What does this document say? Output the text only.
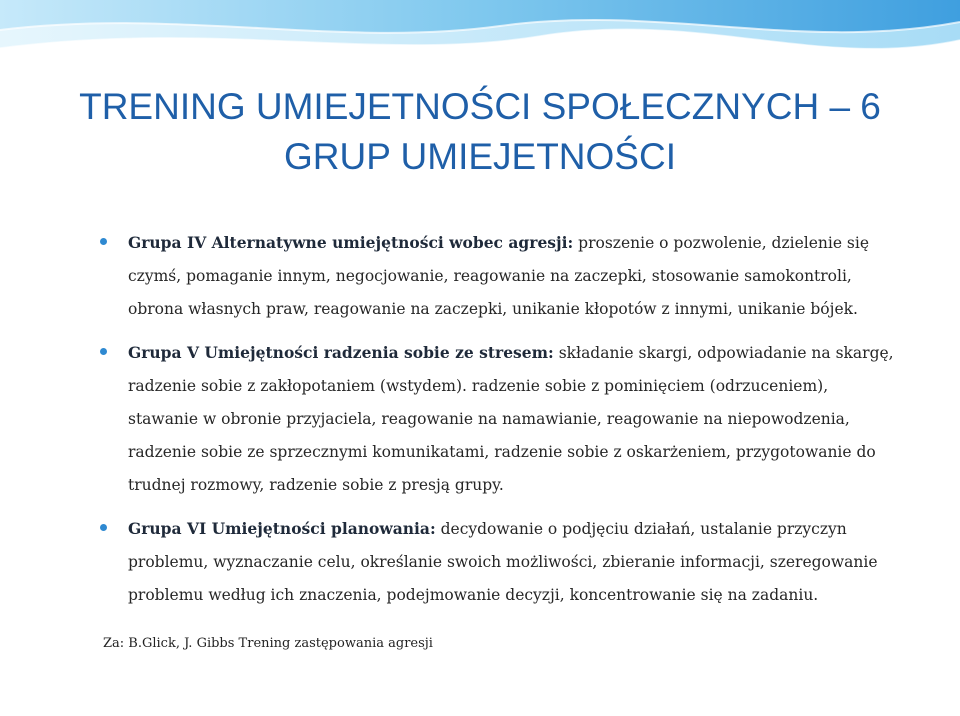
TRENING UMIEJETNOŚCI SPOŁECZNYCH – 6
GRUP UMIEJETNOŚCI
Grupa IV Alternatywne umiejętności wobec agresji: proszenie o pozwolenie, dzielenie się czymś, pomaganie innym, negocjowanie, reagowanie na zaczepki, stosowanie samokontroli, obrona własnych praw, reagowanie na zaczepki, unikanie kłopotów z innymi, unikanie bójek.
Grupa V Umiejętności radzenia sobie ze stresem: składanie skargi, odpowiadanie na skargę, radzenie sobie z zakłopotaniem (wstydem). radzenie sobie z pominięciem (odrzuceniem), stawanie w obronie przyjaciela, reagowanie na namawianie, reagowanie na niepowodzenia, radzenie sobie ze sprzecznymi komunikatami, radzenie sobie z oskarżeniem, przygotowanie do trudnej rozmowy, radzenie sobie z presją grupy.
Grupa VI Umiejętności planowania: decydowanie o podjęciu działań, ustalanie przyczyn problemu, wyznaczanie celu, określanie swoich możliwości, zbieranie informacji, szeregowanie problemu według ich znaczenia, podejmowanie decyzji, koncentrowanie się na zadaniu.
Za: B.Glick, J. Gibbs Trening zastępowania agresji
